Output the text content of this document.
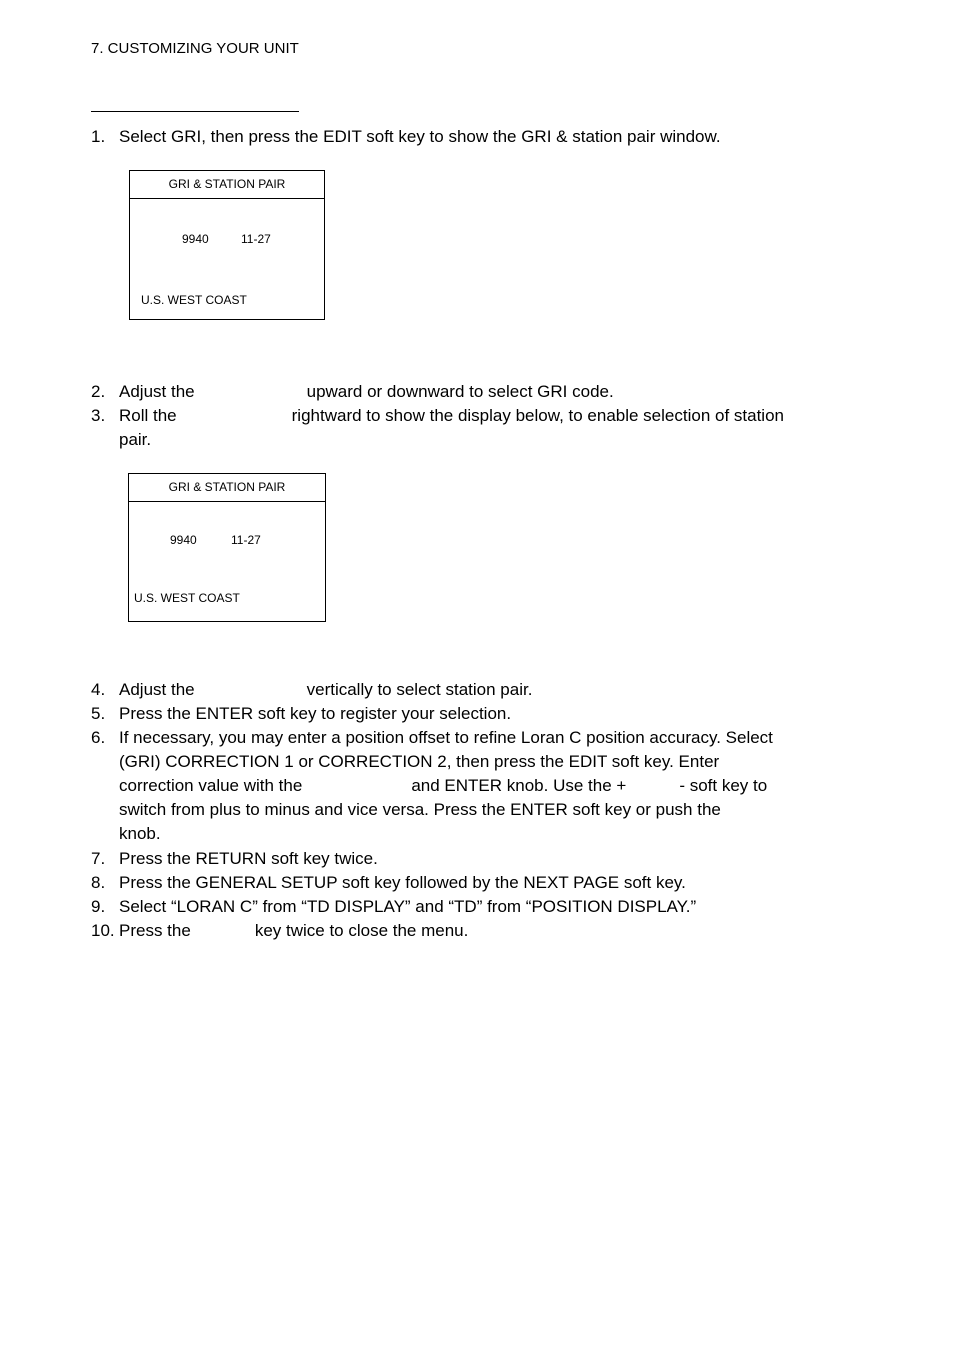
7. CUSTOMIZING YOUR UNIT
1. Select GRI, then press the EDIT soft key to show the GRI & station pair window.
GRI & STATION PAIR
9940	11-27
U.S. WEST COAST
2. Adjust the	upward or downward to select GRI code.
3. Roll the	rightward to show the display below, to enable selection of station
pair.
GRI & STATION PAIR
9940	11-27
U.S. WEST COAST
4. Adjust the	vertically to select station pair.
5. Press the ENTER soft key to register your selection.
6. If necessary, you may enter a position offset to refine Loran C position accuracy. Select
(GRI) CORRECTION 1 or CORRECTION 2, then press the EDIT soft key. Enter
correction value with the	and ENTER knob. Use the +	- soft key to
switch from plus to minus and vice versa. Press the ENTER soft key or push the
knob.
7. Press the RETURN soft key twice.
8. Press the GENERAL SETUP soft key followed by the NEXT PAGE soft key.
9. Select “LORAN C” from “TD DISPLAY” and “TD” from “POSITION DISPLAY.”
10. Press the	key twice to close the menu.
